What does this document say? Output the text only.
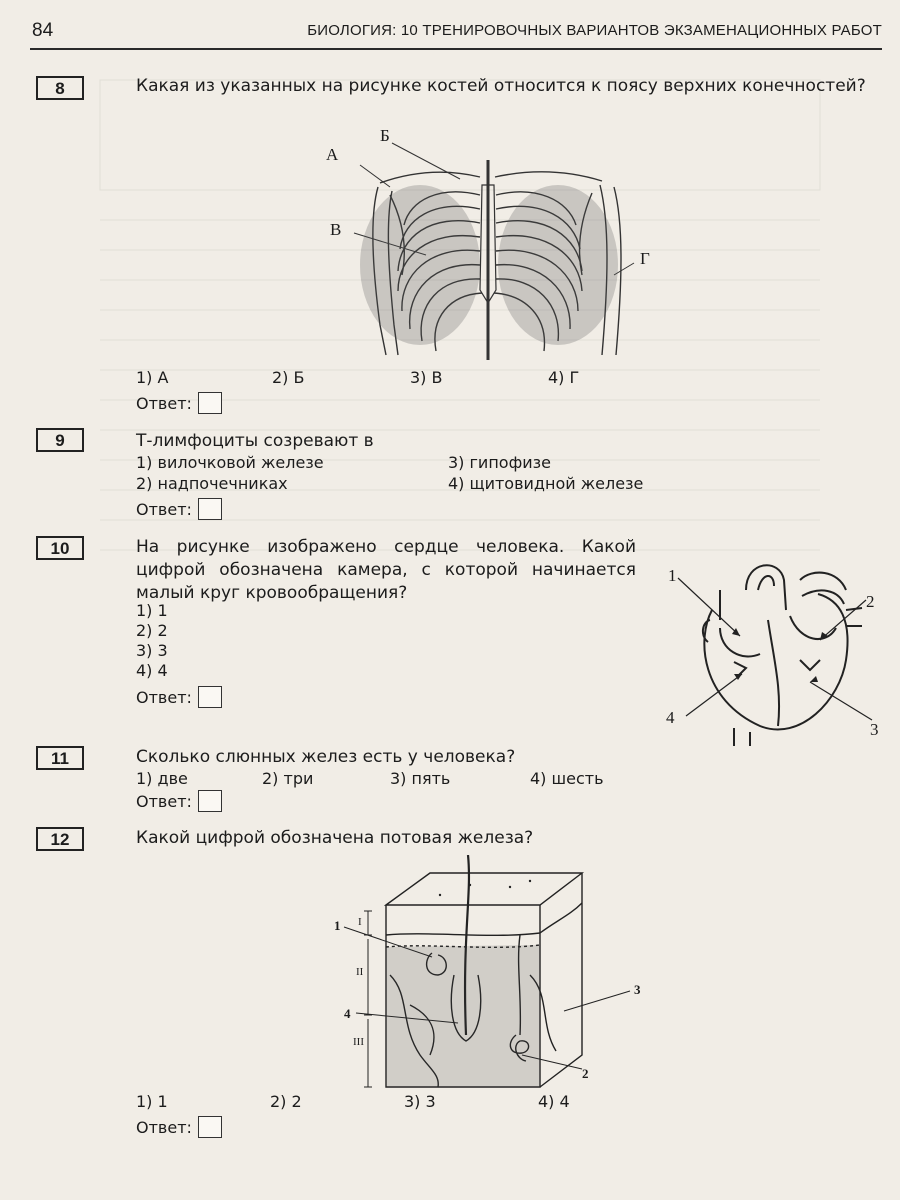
84	БИОЛОГИЯ: 10 ТРЕНИРОВОЧНЫХ ВАРИАНТОВ ЭКЗАМЕНАЦИОННЫХ РАБОТ
8	Какая из указанных на рисунке костей относится к поясу верхних конечностей?
А
Б
В
Г
1) А	2) Б	3) В	4) Г
Ответ:
9	Т-лимфоциты созревают в
1) вилочковой железе	3) гипофизе
2) надпочечниках	4) щитовидной железе
Ответ:
10	На рисунке изображено сердце человека. Какой цифрой обозначена камера, с которой начинается малый круг кровообращения?
1) 1
2) 2
3) 3
4) 4
Ответ:
1
2
3
4
11	Сколько слюнных желез есть у человека?
1) две	2) три	3) пять	4) шесть
Ответ:
12	Какой цифрой обозначена потовая железа?
1
2
3
4
I
II
III
1) 1	2) 2	3) 3	4) 4
Ответ:
